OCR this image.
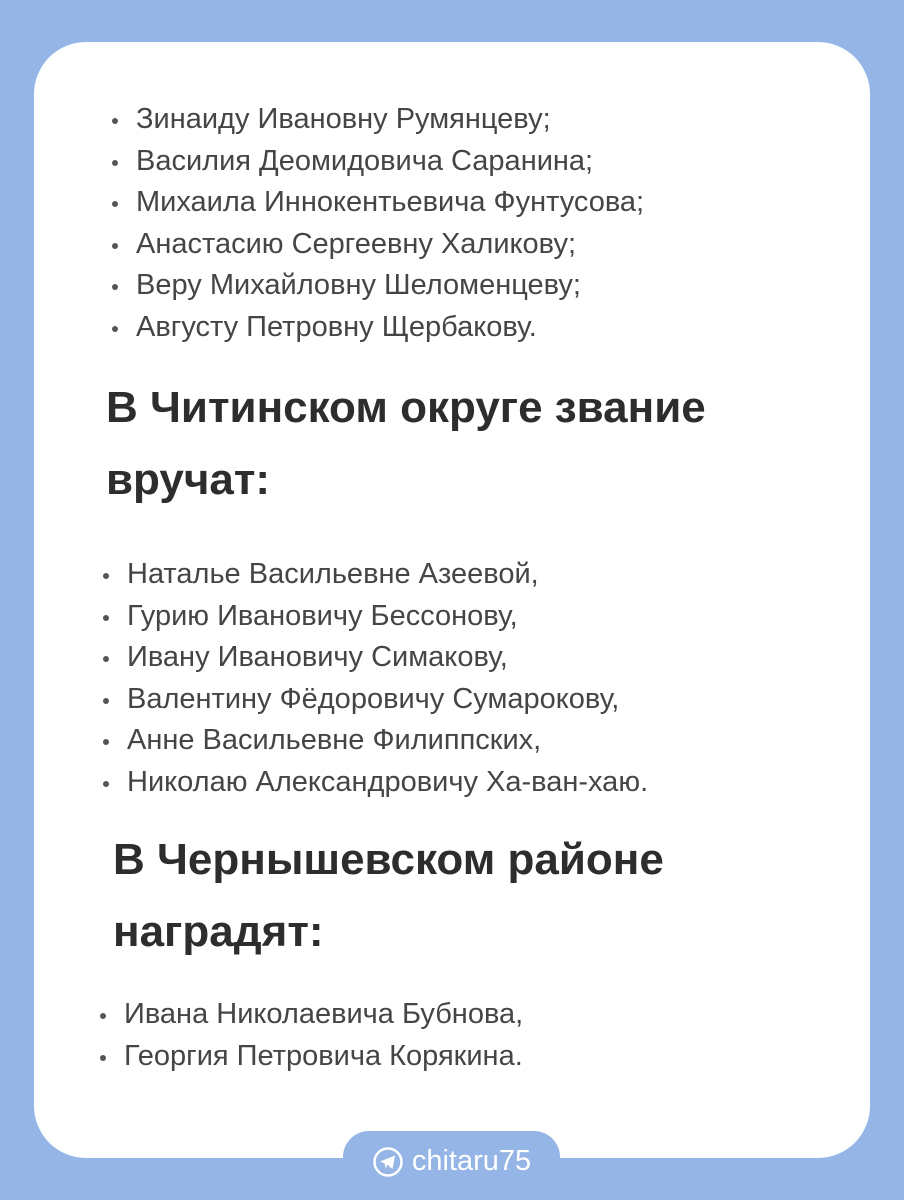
Зинаиду Ивановну Румянцеву;
Василия Деомидовича Саранина;
Михаила Иннокентьевича Фунтусова;
Анастасию Сергеевну Халикову;
Веру Михайловну Шеломенцеву;
Августу Петровну Щербакову.
В Читинском округе звание
вручат:
Наталье Васильевне Азеевой,
Гурию Ивановичу Бессонову,
Ивану Ивановичу Симакову,
Валентину Фёдоровичу Сумарокову,
Анне Васильевне Филиппских,
Николаю Александровичу Ха-ван-хаю.
В Чернышевском районе
наградят:
Ивана Николаевича Бубнова,
Георгия Петровича Корякина.
chitaru75
